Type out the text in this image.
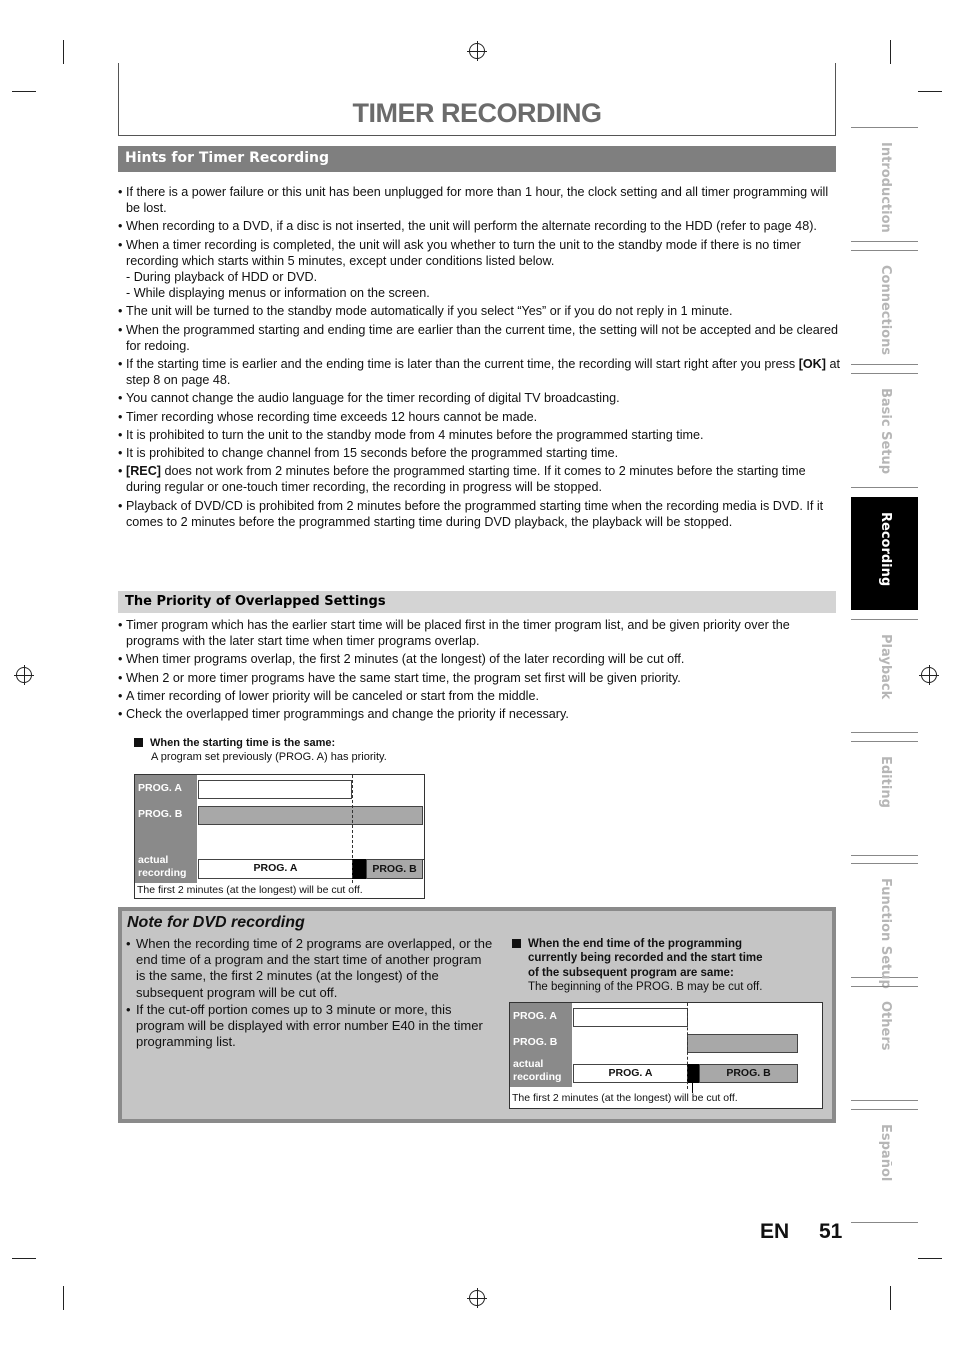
TIMER RECORDING
Hints for Timer Recording
• If there is a power failure or this unit has been unplugged for more than 1 hour, the clock setting and all timer programming will be lost.
• When recording to a DVD, if a disc is not inserted, the unit will perform the alternate recording to the HDD (refer to page 48).
• When a timer recording is completed, the unit will ask you whether to turn the unit to the standby mode if there is no timer recording which starts within 5 minutes, except under conditions listed below.
- During playback of HDD or DVD.
- While displaying menus or information on the screen.
• The unit will be turned to the standby mode automatically if you select “Yes” or if you do not reply in 1 minute.
• When the programmed starting and ending time are earlier than the current time, the setting will not be accepted and be cleared for redoing.
• If the starting time is earlier and the ending time is later than the current time, the recording will start right after you press [OK] at step 8 on page 48.
• You cannot change the audio language for the timer recording of digital TV broadcasting.
• Timer recording whose recording time exceeds 12 hours cannot be made.
• It is prohibited to turn the unit to the standby mode from 4 minutes before the programmed starting time.
• It is prohibited to change channel from 15 seconds before the programmed starting time.
• [REC] does not work from 2 minutes before the programmed starting time. If it comes to 2 minutes before the starting time during regular or one-touch timer recording, the recording in progress will be stopped.
• Playback of DVD/CD is prohibited from 2 minutes before the programmed starting time when the recording media is DVD. If it comes to 2 minutes before the programmed starting time during DVD playback, the playback will be stopped.
The Priority of Overlapped Settings
• Timer program which has the earlier start time will be placed first in the timer program list, and be given priority over the programs with the later start time when timer programs overlap.
• When timer programs overlap, the first 2 minutes (at the longest) of the later recording will be cut off.
• When 2 or more timer programs have the same start time, the program set first will be given priority.
• A timer recording of lower priority will be canceled or start from the middle.
• Check the overlapped timer programmings and change the priority if necessary.
When the starting time is the same:
A program set previously (PROG. A) has priority.
PROG. A
PROG. B
actual
recording	PROG. A	PROG. B
The first 2 minutes (at the longest) will be cut off.
Note for DVD recording
• When the recording time of 2 programs are overlapped, or the end time of a program and the start time of another program is the same, the first 2 minutes (at the longest) of the subsequent program will be cut off.
• If the cut-off portion comes up to 3 minute or more, this program will be displayed with error number E40 in the timer programming list.
When the end time of the programming
currently being recorded and the start time
of the subsequent program are same:
The beginning of the PROG. B may be cut off.
PROG. A
PROG. B
actual
recording	PROG. A	PROG. B
The first 2 minutes (at the longest) will be cut off.
Introduction
Connections
Basic Setup
Recording
Playback
Editing
Function Setup
Others
Español
EN 51
